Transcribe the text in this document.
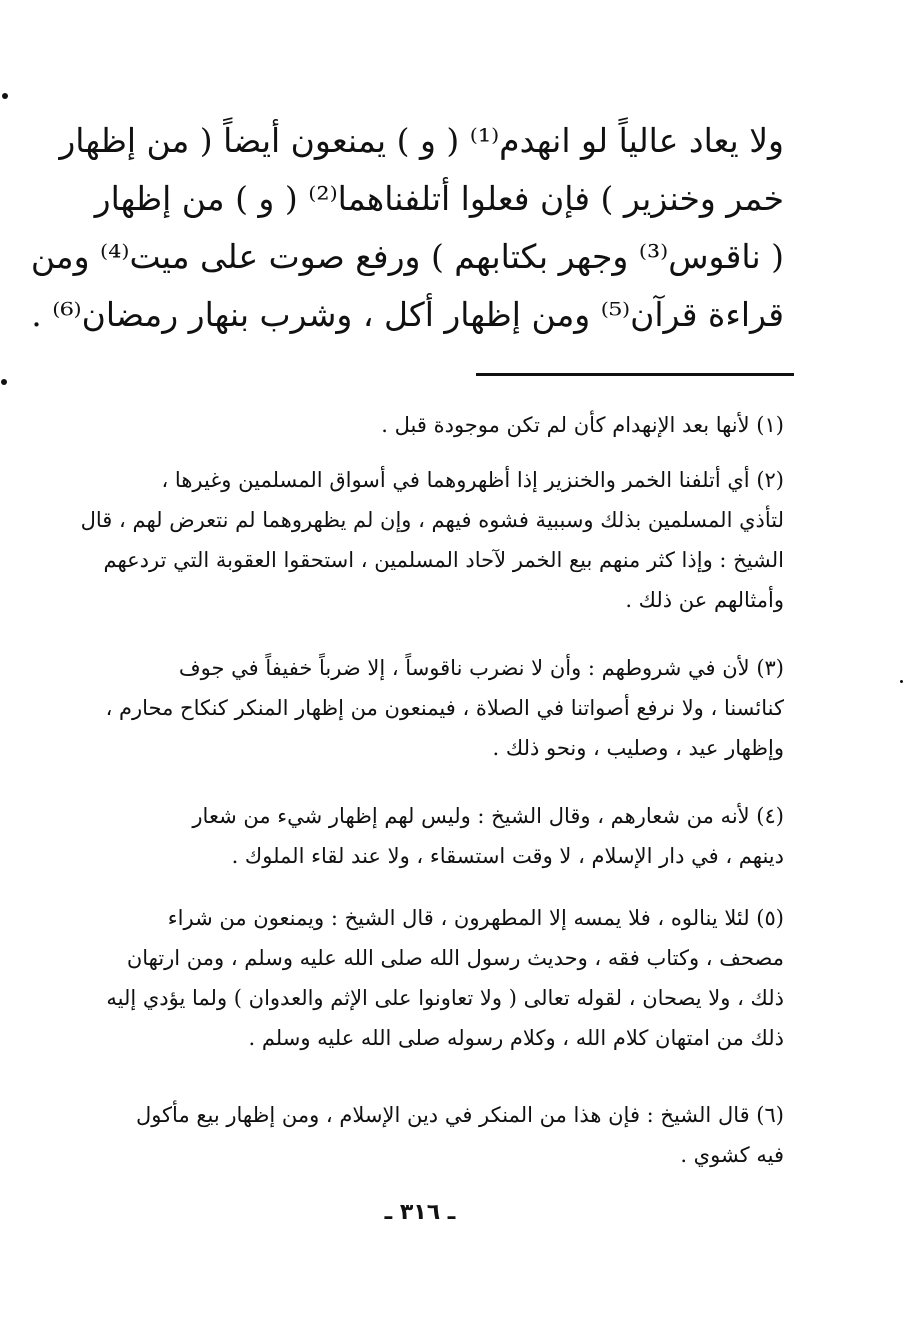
ولا يعاد عالياً لو انهدم⁽¹⁾ ( و ) يمنعون أيضاً ( من إظهار
خمر وخنزير ) فإن فعلوا أتلفناهما⁽²⁾ ( و ) من إظهار
( ناقوس⁽³⁾ وجهر بكتابهم ) ورفع صوت على ميت⁽⁴⁾ ومن
قراءة قرآن⁽⁵⁾ ومن إظهار أكل ، وشرب بنهار رمضان⁽⁶⁾ .
(١) لأنها بعد الإنهدام كأن لم تكن موجودة قبل .
(٢) أي أتلفنا الخمر والخنزير إذا أظهروهما في أسواق المسلمين وغيرها ،
لتأذي المسلمين بذلك وسببية فشوه فيهم ، وإن لم يظهروهما لم نتعرض لهم ، قال
الشيخ : وإذا كثر منهم بيع الخمر لآحاد المسلمين ، استحقوا العقوبة التي تردعهم
وأمثالهم عن ذلك .
(٣) لأن في شروطهم : وأن لا نضرب ناقوساً ، إلا ضرباً خفيفاً في جوف
كنائسنا ، ولا نرفع أصواتنا في الصلاة ، فيمنعون من إظهار المنكر كنكاح محارم ،
وإظهار عيد ، وصليب ، ونحو ذلك .
(٤) لأنه من شعارهم ، وقال الشيخ : وليس لهم إظهار شيء من شعار
دينهم ، في دار الإسلام ، لا وقت استسقاء ، ولا عند لقاء الملوك .
(٥) لئلا ينالوه ، فلا يمسه إلا المطهرون ، قال الشيخ : ويمنعون من شراء
مصحف ، وكتاب فقه ، وحديث رسول الله صلى الله عليه وسلم ، ومن ارتهان
ذلك ، ولا يصحان ، لقوله تعالى ( ولا تعاونوا على الإثم والعدوان ) ولما يؤدي إليه
ذلك من امتهان كلام الله ، وكلام رسوله صلى الله عليه وسلم .
(٦) قال الشيخ : فإن هذا من المنكر في دين الإسلام ، ومن إظهار بيع مأكول
فيه كشوي .
ـ ٣١٦ ـ
